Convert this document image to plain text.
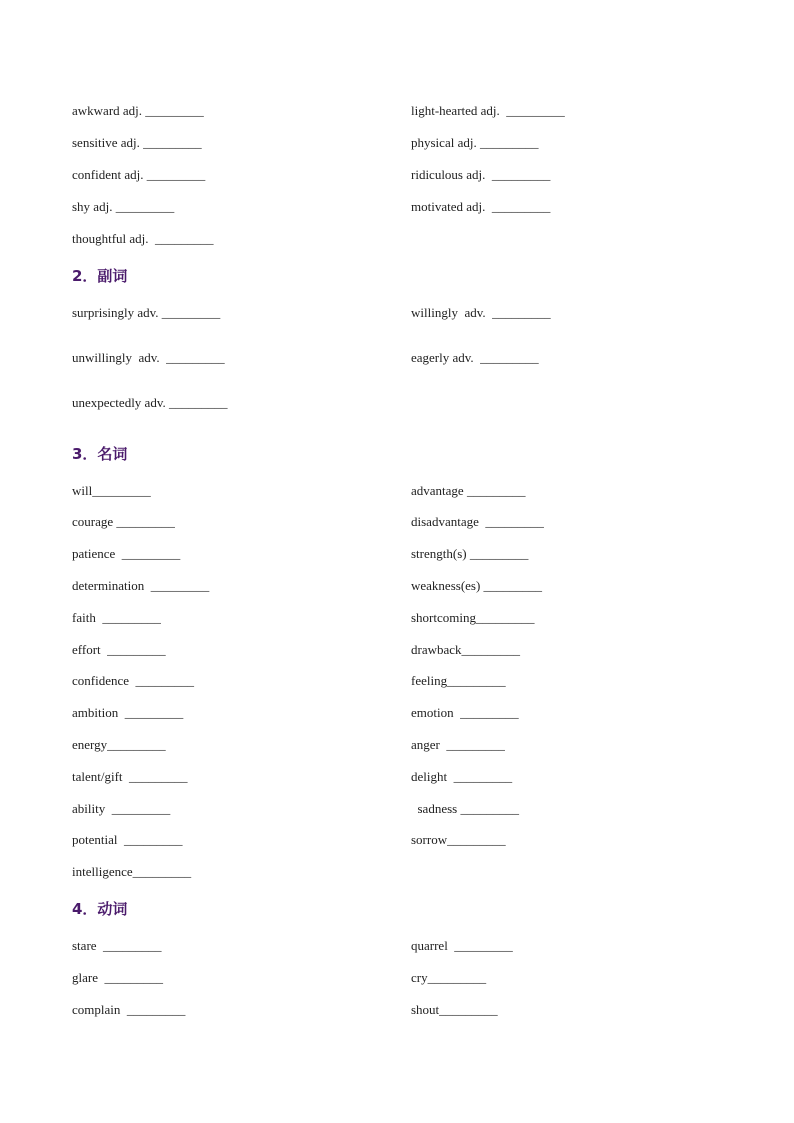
awkward adj. _________	light-hearted adj.  _________
sensitive adj. _________	physical adj. _________
confident adj. _________	ridiculous adj.  _________
shy adj. _________	motivated adj.  _________
thoughtful adj.  _________
2．副词
surprisingly adv. _________	willingly  adv.  _________
unwillingly  adv.  _________	eagerly adv.  _________
unexpectedly adv. _________
3．名词
will_________	advantage _________
courage _________	disadvantage  _________
patience  _________	strength(s) _________
determination  _________	weakness(es) _________
faith  _________	shortcoming_________
effort  _________	drawback_________
confidence  _________	feeling_________
ambition  _________	emotion  _________
energy_________	anger  _________
talent/gift  _________	delight  _________
ability  _________	sadness _________
potential  _________	sorrow_________
intelligence_________
4．动词
stare  _________	quarrel  _________
glare  _________	cry_________
complain  _________	shout_________
